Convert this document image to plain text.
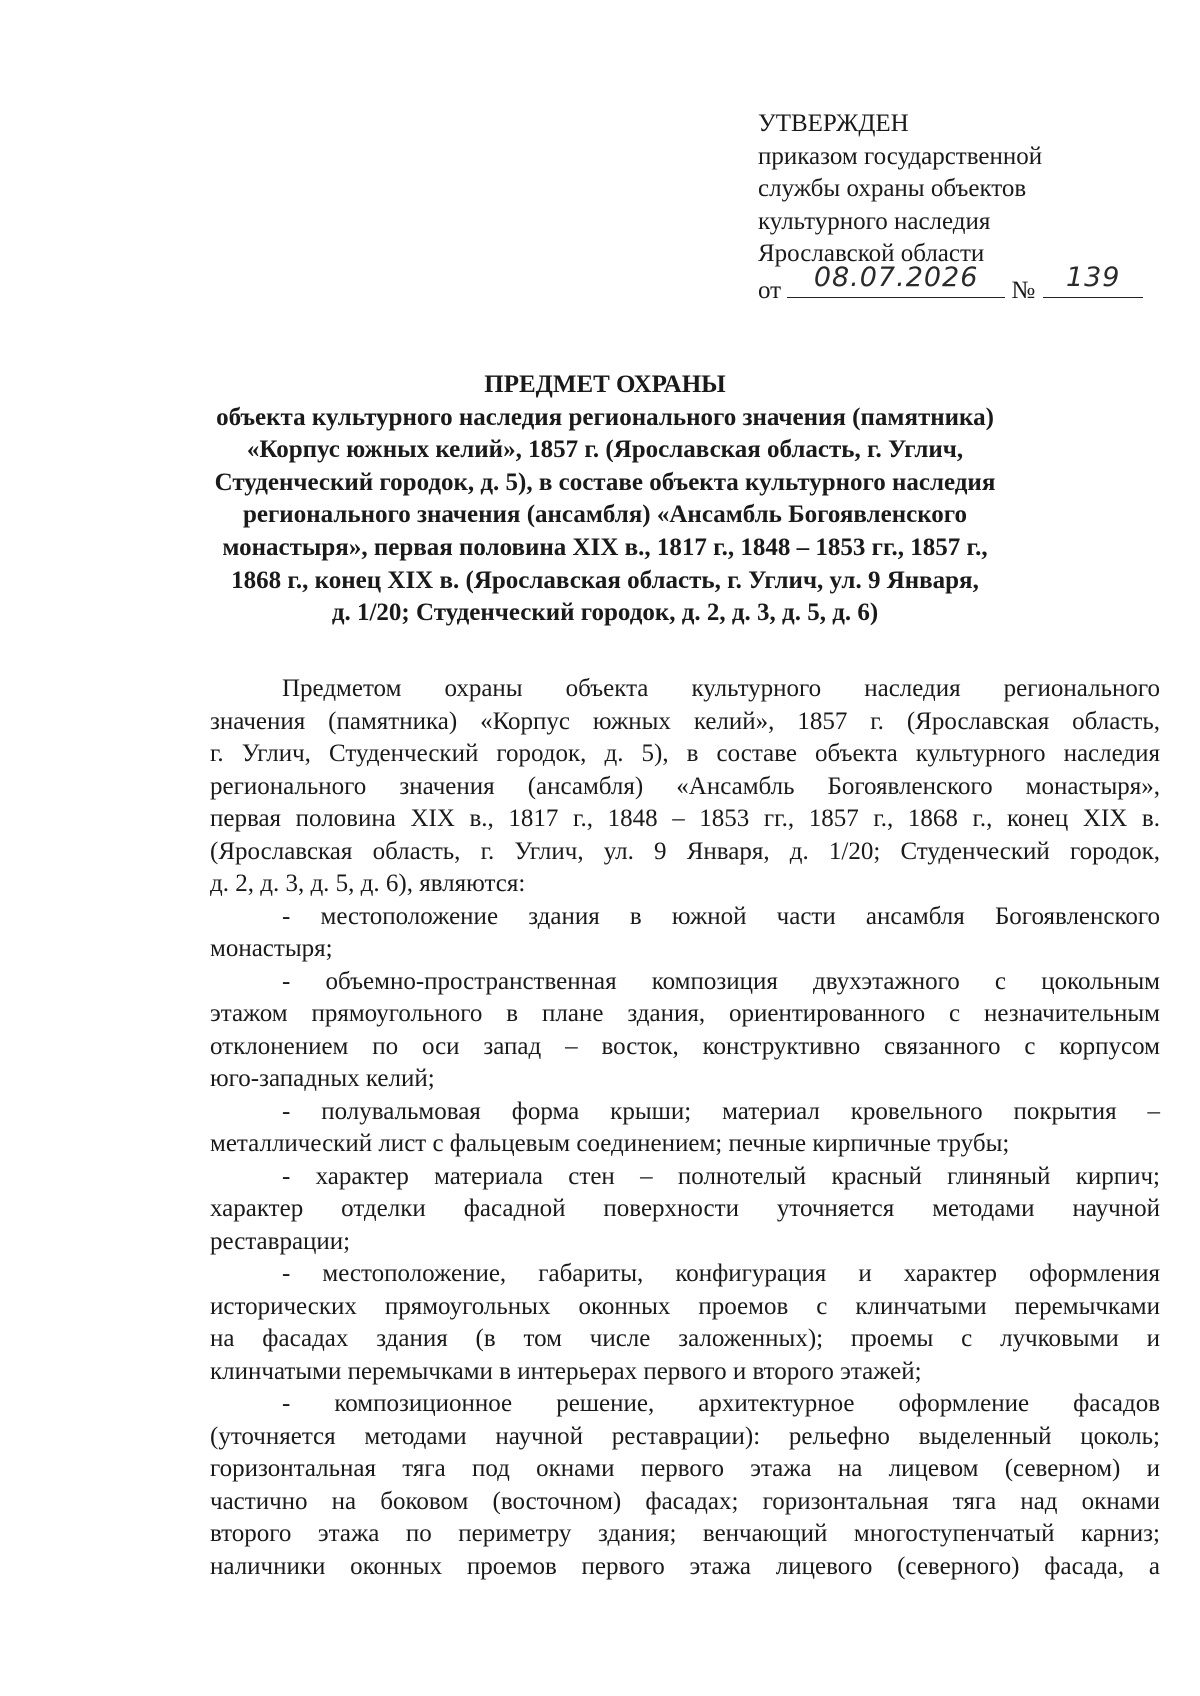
УТВЕРЖДЕН
приказом государственной
службы охраны объектов
культурного наследия
Ярославской области
от	08.07.2026	№	139
ПРЕДМЕТ ОХРАНЫ
объекта культурного наследия регионального значения (памятника)
«Корпус южных келий», 1857 г. (Ярославская область, г. Углич,
Студенческий городок, д. 5), в составе объекта культурного наследия
регионального значения (ансамбля) «Ансамбль Богоявленского
монастыря», первая половина XIX в., 1817 г., 1848 – 1853 гг., 1857 г.,
1868 г., конец XIX в. (Ярославская область, г. Углич, ул. 9 Января,
д. 1/20; Студенческий городок, д. 2, д. 3, д. 5, д. 6)
Предметом охраны объекта культурного наследия регионального
значения (памятника) «Корпус южных келий», 1857 г. (Ярославская область,
г. Углич, Студенческий городок, д. 5), в составе объекта культурного наследия
регионального значения (ансамбля) «Ансамбль Богоявленского монастыря»,
первая половина XIX в., 1817 г., 1848 – 1853 гг., 1857 г., 1868 г., конец XIX в.
(Ярославская область, г. Углич, ул. 9 Января, д. 1/20; Студенческий городок,
д. 2, д. 3, д. 5, д. 6), являются:
- местоположение здания в южной части ансамбля Богоявленского
монастыря;
- объемно-пространственная композиция двухэтажного с цокольным
этажом прямоугольного в плане здания, ориентированного с незначительным
отклонением по оси запад – восток, конструктивно связанного с корпусом
юго-западных келий;
- полувальмовая форма крыши; материал кровельного покрытия –
металлический лист с фальцевым соединением; печные кирпичные трубы;
- характер материала стен – полнотелый красный глиняный кирпич;
характер отделки фасадной поверхности уточняется методами научной
реставрации;
- местоположение, габариты, конфигурация и характер оформления
исторических прямоугольных оконных проемов с клинчатыми перемычками
на фасадах здания (в том числе заложенных); проемы с лучковыми и
клинчатыми перемычками в интерьерах первого и второго этажей;
- композиционное решение, архитектурное оформление фасадов
(уточняется методами научной реставрации): рельефно выделенный цоколь;
горизонтальная тяга под окнами первого этажа на лицевом (северном) и
частично на боковом (восточном) фасадах; горизонтальная тяга над окнами
второго этажа по периметру здания; венчающий многоступенчатый карниз;
наличники оконных проемов первого этажа лицевого (северного) фасада, а
